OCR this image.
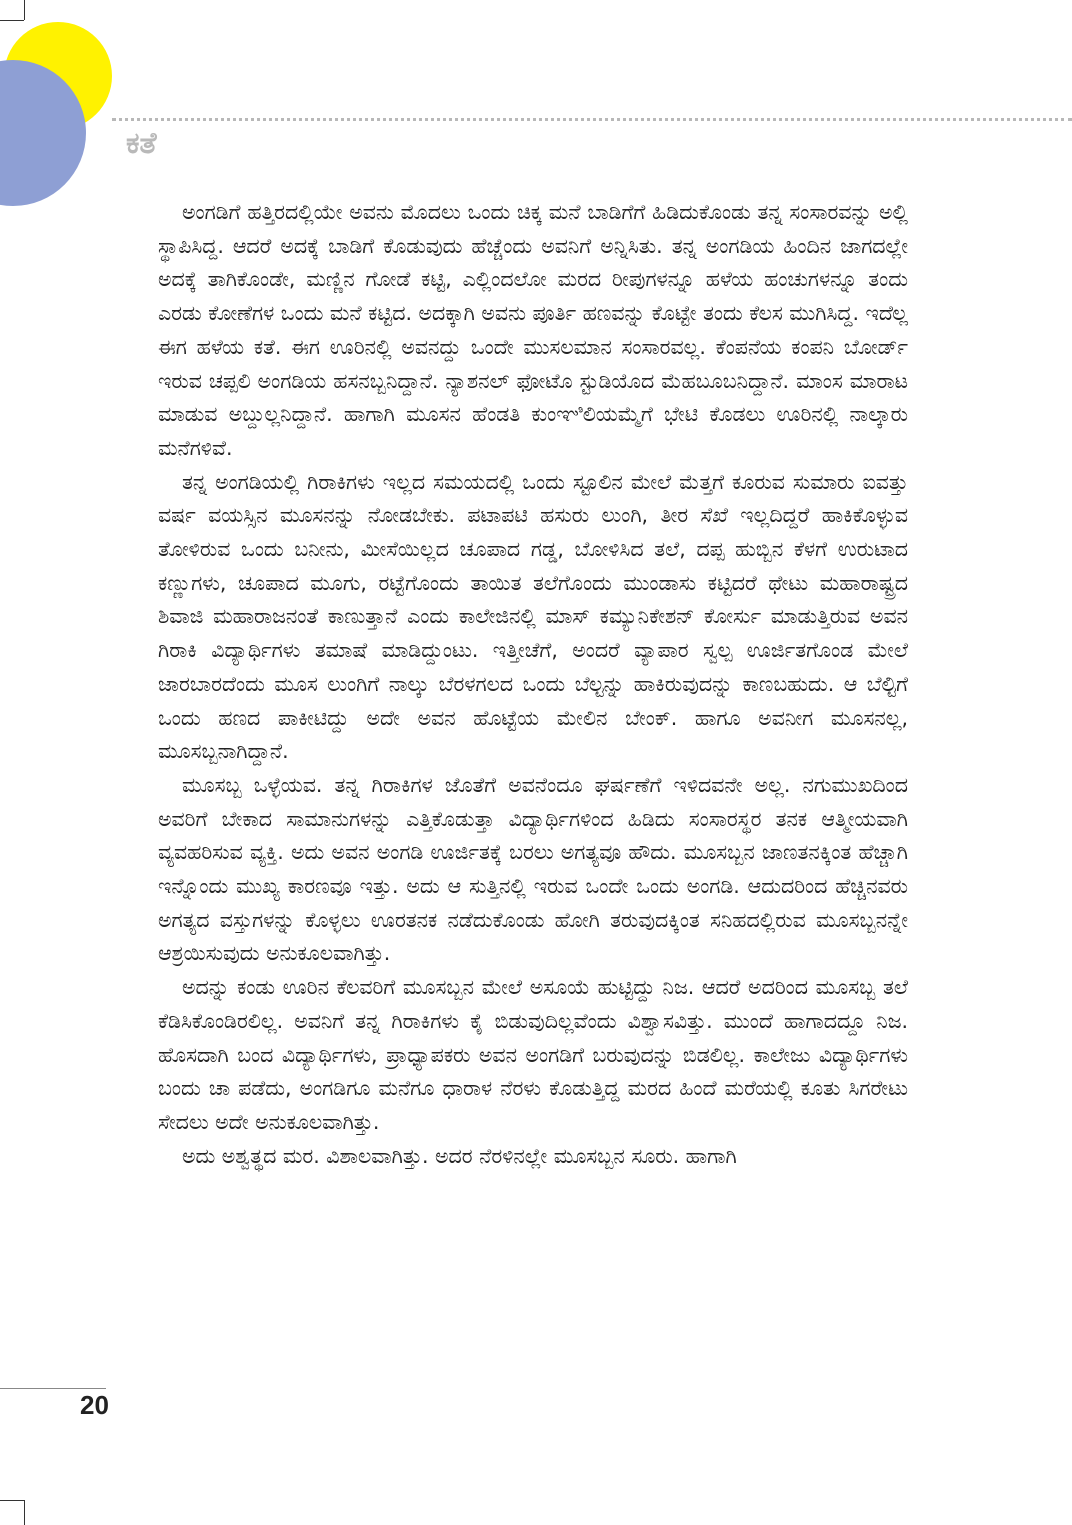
ಕತೆ

ಅಂಗಡಿಗೆ ಹತ್ತಿರದಲ್ಲಿಯೇ ಅವನು ಮೊದಲು ಒಂದು ಚಿಕ್ಕ ಮನೆ ಬಾಡಿಗೆಗೆ ಹಿಡಿದುಕೊಂಡು ತನ್ನ ಸಂಸಾರವನ್ನು ಅಲ್ಲಿ ಸ್ಥಾಪಿಸಿದ್ದ. ಆದರೆ ಅದಕ್ಕೆ ಬಾಡಿಗೆ ಕೊಡುವುದು ಹೆಚ್ಚೆಂದು ಅವನಿಗೆ ಅನ್ನಿಸಿತು. ತನ್ನ ಅಂಗಡಿಯ ಹಿಂದಿನ ಜಾಗದಲ್ಲೇ ಅದಕ್ಕೆ ತಾಗಿಕೊಂಡೇ, ಮಣ್ಣಿನ ಗೋಡೆ ಕಟ್ಟಿ, ಎಲ್ಲಿಂದಲೋ ಮರದ ರೀಪುಗಳನ್ನೂ ಹಳೆಯ ಹಂಚುಗಳನ್ನೂ ತಂದು ಎರಡು ಕೋಣೆಗಳ ಒಂದು ಮನೆ ಕಟ್ಟಿದ. ಅದಕ್ಕಾಗಿ ಅವನು ಪೂರ್ತಿ ಹಣವನ್ನು ಕೊಟ್ಟೇ ತಂದು ಕೆಲಸ ಮುಗಿಸಿದ್ದ. ಇದೆಲ್ಲ ಈಗ ಹಳೆಯ ಕತೆ. ಈಗ ಊರಿನಲ್ಲಿ ಅವನದ್ದು ಒಂದೇ ಮುಸಲಮಾನ ಸಂಸಾರವಲ್ಲ. ಕೆಂಪನೆಯ ಕಂಪನಿ ಬೋರ್ಡ್ ಇರುವ ಚಪ್ಪಲಿ ಅಂಗಡಿಯ ಹಸನಬ್ಬನಿದ್ದಾನೆ. ನ್ಯಾಶನಲ್ ಫೋಟೊ ಸ್ಟುಡಿಯೊದ ಮೆಹಬೂಬನಿದ್ದಾನೆ. ಮಾಂಸ ಮಾರಾಟ ಮಾಡುವ ಅಬ್ದುಲ್ಲನಿದ್ದಾನೆ. ಹಾಗಾಗಿ ಮೂಸನ ಹೆಂಡತಿ ಕುಂಞಿಲಿಯಮ್ಮೆಗೆ ಭೇಟಿ ಕೊಡಲು ಊರಿನಲ್ಲಿ ನಾಲ್ಕಾರು ಮನೆಗಳಿವೆ.

ತನ್ನ ಅಂಗಡಿಯಲ್ಲಿ ಗಿರಾಕಿಗಳು ಇಲ್ಲದ ಸಮಯದಲ್ಲಿ ಒಂದು ಸ್ಟೂಲಿನ ಮೇಲೆ ಮೆತ್ತಗೆ ಕೂರುವ ಸುಮಾರು ಐವತ್ತು ವರ್ಷ ವಯಸ್ಸಿನ ಮೂಸನನ್ನು ನೋಡಬೇಕು. ಪಟಾಪಟಿ ಹಸುರು ಲುಂಗಿ, ತೀರ ಸೆಖೆ ಇಲ್ಲದಿದ್ದರೆ ಹಾಕಿಕೊಳ್ಳುವ ತೋಳಿರುವ ಒಂದು ಬನೀನು, ಮೀಸೆಯಿಲ್ಲದ ಚೂಪಾದ ಗಡ್ಡ, ಬೋಳಿಸಿದ ತಲೆ, ದಪ್ಪ ಹುಬ್ಬಿನ ಕೆಳಗೆ ಉರುಟಾದ ಕಣ್ಣುಗಳು, ಚೂಪಾದ ಮೂಗು, ರಟ್ಟೆಗೊಂದು ತಾಯಿತ ತಲೆಗೊಂದು ಮುಂಡಾಸು ಕಟ್ಟಿದರೆ ಥೇಟು ಮಹಾರಾಷ್ಟ್ರದ ಶಿವಾಜಿ ಮಹಾರಾಜನಂತೆ ಕಾಣುತ್ತಾನೆ ಎಂದು ಕಾಲೇಜಿನಲ್ಲಿ ಮಾಸ್ ಕಮ್ಯುನಿಕೇಶನ್ ಕೋರ್ಸು ಮಾಡುತ್ತಿರುವ ಅವನ ಗಿರಾಕಿ ವಿದ್ಯಾರ್ಥಿಗಳು ತಮಾಷೆ ಮಾಡಿದ್ದುಂಟು. ಇತ್ತೀಚೆಗೆ, ಅಂದರೆ ವ್ಯಾಪಾರ ಸ್ವಲ್ಪ ಊರ್ಜಿತಗೊಂಡ ಮೇಲೆ ಜಾರಬಾರದೆಂದು ಮೂಸ ಲುಂಗಿಗೆ ನಾಲ್ಕು ಬೆರಳಗಲದ ಒಂದು ಬೆಲ್ಟನ್ನು ಹಾಕಿರುವುದನ್ನು ಕಾಣಬಹುದು. ಆ ಬೆಲ್ಟಿಗೆ ಒಂದು ಹಣದ ಪಾಕೀಟಿದ್ದು ಅದೇ ಅವನ ಹೊಟ್ಟೆಯ ಮೇಲಿನ ಬೇಂಕ್. ಹಾಗೂ ಅವನೀಗ ಮೂಸನಲ್ಲ, ಮೂಸಬ್ಬನಾಗಿದ್ದಾನೆ.

ಮೂಸಬ್ಬ ಒಳ್ಳೆಯವ. ತನ್ನ ಗಿರಾಕಿಗಳ ಜೊತೆಗೆ ಅವನೆಂದೂ ಘರ್ಷಣೆಗೆ ಇಳಿದವನೇ ಅಲ್ಲ. ನಗುಮುಖದಿಂದ ಅವರಿಗೆ ಬೇಕಾದ ಸಾಮಾನುಗಳನ್ನು ಎತ್ತಿಕೊಡುತ್ತಾ ವಿದ್ಯಾರ್ಥಿಗಳಿಂದ ಹಿಡಿದು ಸಂಸಾರಸ್ಥರ ತನಕ ಆತ್ಮೀಯವಾಗಿ ವ್ಯವಹರಿಸುವ ವ್ಯಕ್ತಿ. ಅದು ಅವನ ಅಂಗಡಿ ಊರ್ಜಿತಕ್ಕೆ ಬರಲು ಅಗತ್ಯವೂ ಹೌದು. ಮೂಸಬ್ಬನ ಜಾಣತನಕ್ಕಿಂತ ಹೆಚ್ಚಾಗಿ ಇನ್ನೊಂದು ಮುಖ್ಯ ಕಾರಣವೂ ಇತ್ತು. ಅದು ಆ ಸುತ್ತಿನಲ್ಲಿ ಇರುವ ಒಂದೇ ಒಂದು ಅಂಗಡಿ. ಆದುದರಿಂದ ಹೆಚ್ಚಿನವರು ಅಗತ್ಯದ ವಸ್ತುಗಳನ್ನು ಕೊಳ್ಳಲು ಊರತನಕ ನಡೆದುಕೊಂಡು ಹೋಗಿ ತರುವುದಕ್ಕಿಂತ ಸನಿಹದಲ್ಲಿರುವ ಮೂಸಬ್ಬನನ್ನೇ ಆಶ್ರಯಿಸುವುದು ಅನುಕೂಲವಾಗಿತ್ತು.

ಅದನ್ನು ಕಂಡು ಊರಿನ ಕೆಲವರಿಗೆ ಮೂಸಬ್ಬನ ಮೇಲೆ ಅಸೂಯೆ ಹುಟ್ಟಿದ್ದು ನಿಜ. ಆದರೆ ಅದರಿಂದ ಮೂಸಬ್ಬ ತಲೆ ಕೆಡಿಸಿಕೊಂಡಿರಲಿಲ್ಲ. ಅವನಿಗೆ ತನ್ನ ಗಿರಾಕಿಗಳು ಕೈ ಬಿಡುವುದಿಲ್ಲವೆಂದು ವಿಶ್ವಾಸವಿತ್ತು. ಮುಂದೆ ಹಾಗಾದದ್ದೂ ನಿಜ. ಹೊಸದಾಗಿ ಬಂದ ವಿದ್ಯಾರ್ಥಿಗಳು, ಪ್ರಾಧ್ಯಾಪಕರು ಅವನ ಅಂಗಡಿಗೆ ಬರುವುದನ್ನು ಬಿಡಲಿಲ್ಲ. ಕಾಲೇಜು ವಿದ್ಯಾರ್ಥಿಗಳು ಬಂದು ಚಾ ಪಡೆದು, ಅಂಗಡಿಗೂ ಮನೆಗೂ ಧಾರಾಳ ನೆರಳು ಕೊಡುತ್ತಿದ್ದ ಮರದ ಹಿಂದೆ ಮರೆಯಲ್ಲಿ ಕೂತು ಸಿಗರೇಟು ಸೇದಲು ಅದೇ ಅನುಕೂಲವಾಗಿತ್ತು.

ಅದು ಅಶ್ವತ್ಥದ ಮರ. ವಿಶಾಲವಾಗಿತ್ತು. ಅದರ ನೆರಳಿನಲ್ಲೇ ಮೂಸಬ್ಬನ ಸೂರು. ಹಾಗಾಗಿ

20
